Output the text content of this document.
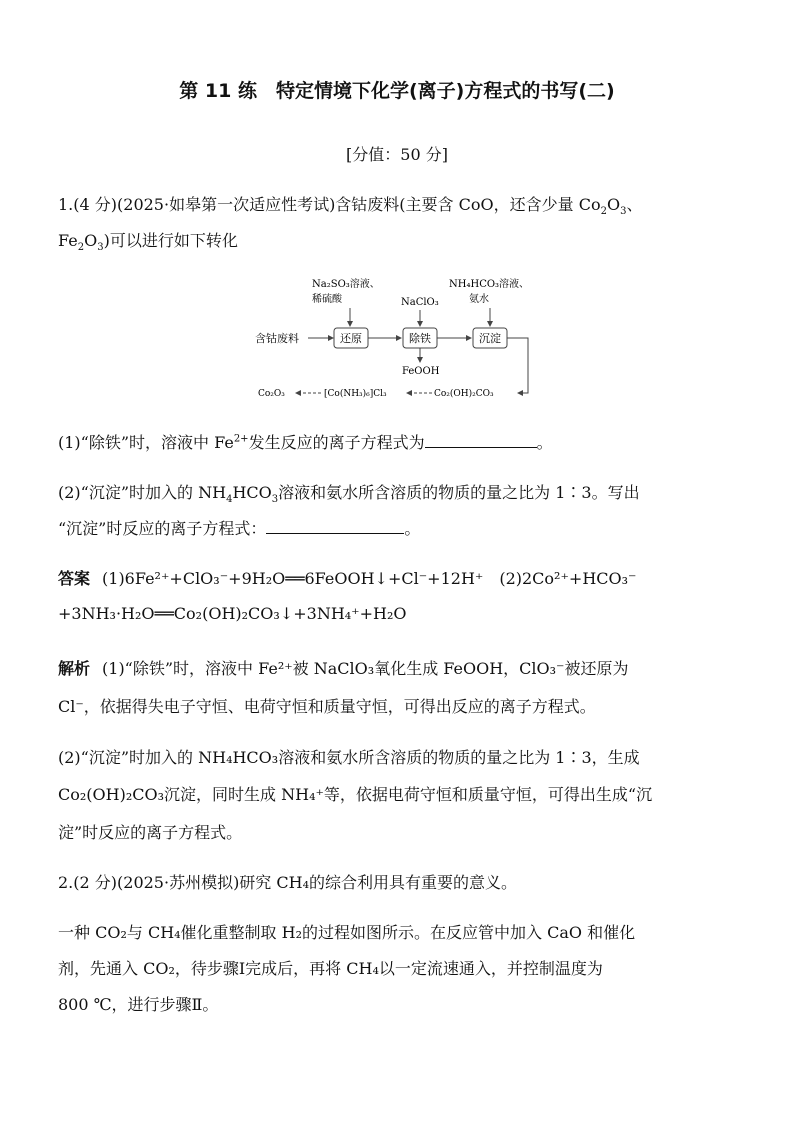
第 11 练　特定情境下化学(离子)方程式的书写(二)
[分值：50 分]
1.(4 分)(2025·如皋第一次适应性考试)含钴废料(主要含 CoO，还含少量 $Co_2O_3$、
$Fe_2O_3$)可以进行如下转化
Na₂SO₃溶液、
稀硫酸	NaClO₃
NH₄HCO₃溶液、
氨水
含钴废料	还原	除铁	沉淀
FeOOH
Co₂(OH)₂CO₃
[Co(NH₃)₆]Cl₃
Co₂O₃
(1)“除铁”时，溶液中 $Fe^{2+}$发生反应的离子方程式为	。
(2)“沉淀”时加入的 $NH_4HCO_3$溶液和氨水所含溶质的物质的量之比为 1∶3。写出
“沉淀”时反应的离子方程式：	。
答案 (1)6Fe²⁺+ClO₃⁻+9H₂O══6FeOOH↓+Cl⁻+12H⁺　(2)2Co²⁺+HCO₃⁻
+3NH₃·H₂O══Co₂(OH)₂CO₃↓+3NH₄⁺+H₂O
解析 (1)“除铁”时，溶液中 Fe²⁺被 NaClO₃氧化生成 FeOOH，ClO₃⁻被还原为
Cl⁻，依据得失电子守恒、电荷守恒和质量守恒，可得出反应的离子方程式。
(2)“沉淀”时加入的 NH₄HCO₃溶液和氨水所含溶质的物质的量之比为 1∶3，生成
Co₂(OH)₂CO₃沉淀，同时生成 NH₄⁺等，依据电荷守恒和质量守恒，可得出生成“沉
淀”时反应的离子方程式。
2.(2 分)(2025·苏州模拟)研究 CH₄的综合利用具有重要的意义。
一种 CO₂与 CH₄催化重整制取 H₂的过程如图所示。在反应管中加入 CaO 和催化
剂，先通入 CO₂，待步骤Ⅰ完成后，再将 CH₄以一定流速通入，并控制温度为
800 ℃，进行步骤Ⅱ。
